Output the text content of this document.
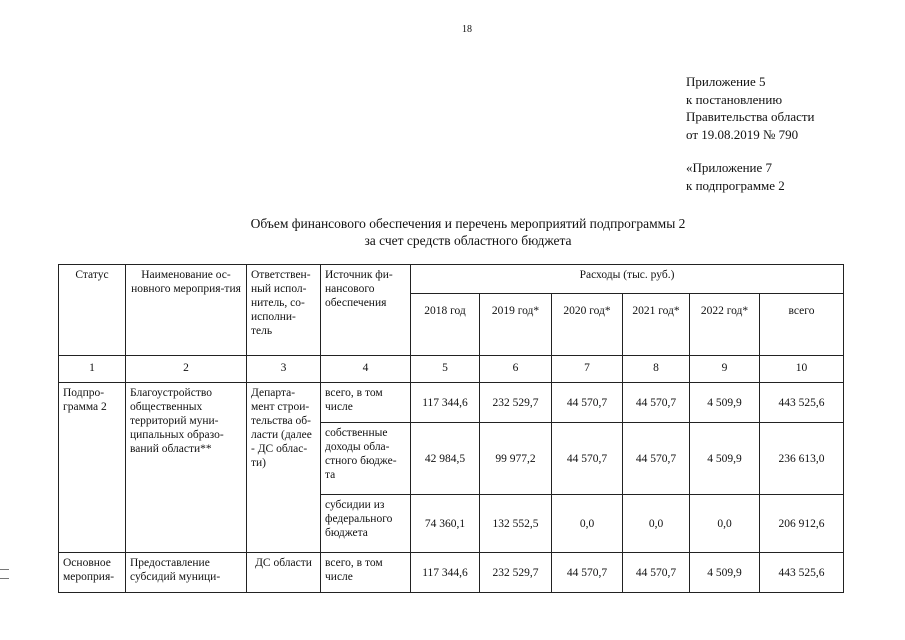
18
Приложение 5
к постановлению
Правительства области
от 19.08.2019 № 790
«Приложение 7
к подпрограмме 2
Объем финансового обеспечения и перечень мероприятий подпрограммы 2
за счет средств областного бюджета
Статус	Наименование ос-новного мероприя-тия	Ответствен-ный испол-нитель, со-исполни-тель	Источник фи-нансового обеспечения	Расходы (тыс. руб.)					
				2018 год	2019 год*	2020 год*	2021 год*	2022 год*	всего
1	2	3	4	5	6	7	8	9	10
Подпро-грамма 2	Благоустройство общественных территорий муни-ципальных образо-ваний области**	Департа-мент строи-тельства об-ласти (далее - ДС облас-ти)	всего, в том числе	117 344,6	232 529,7	44 570,7	44 570,7	4 509,9	443 525,6
			собственные доходы обла-стного бюдже-та	42 984,5	99 977,2	44 570,7	44 570,7	4 509,9	236 613,0
			субсидии из федерального бюджета	74 360,1	132 552,5	0,0	0,0	0,0	206 912,6
Основное мероприя-	Предоставление субсидий муници-	ДС области	всего, в том числе	117 344,6	232 529,7	44 570,7	44 570,7	4 509,9	443 525,6
